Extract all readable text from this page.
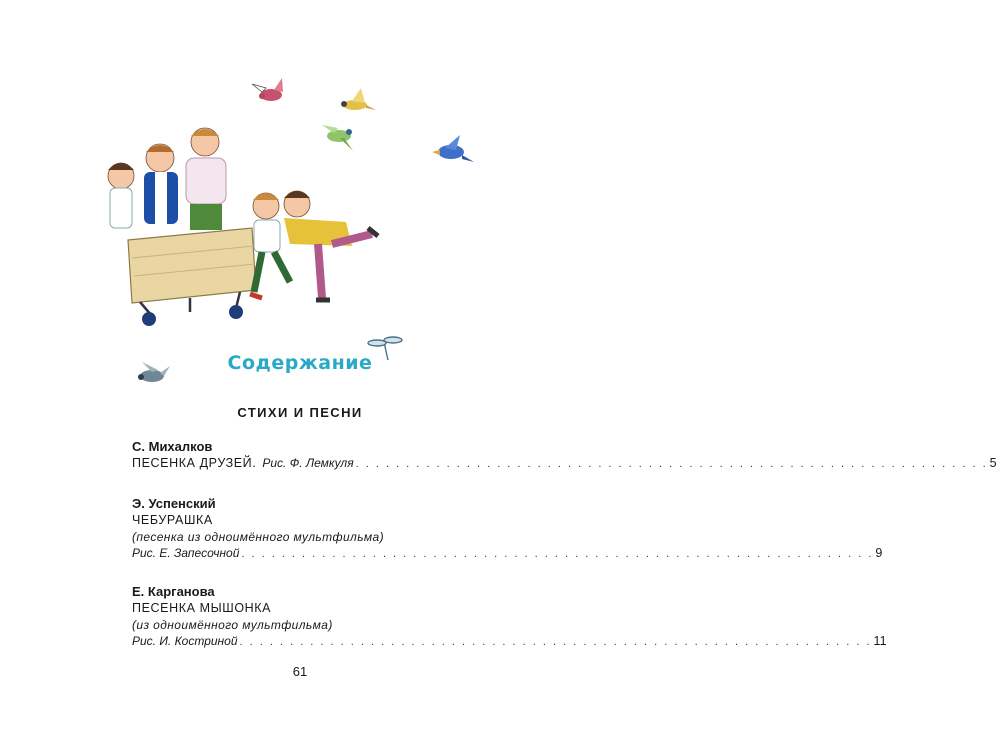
Содержание
СТИХИ И ПЕСНИ

С. Михалков

ПЕСЕНКА ДРУЗЕЙ. Рис. Ф. Лемкуля . . . . . . . . . . . . . . . . . . . . . . . . . . . . . . . . . . . . . . . . . . . . . . . . . . . . . . . . . . . . . . . 5

Э. Успенский

ЧЕБУРАШКА

(песенка из одноимённого мультфильма)

Рис. Е. Запесочной . . . . . . . . . . . . . . . . . . . . . . . . . . . . . . . . . . . . . . . . . . . . . . . . . . . . . . . . . . . . . . . 9

Е. Карганова

ПЕСЕНКА МЫШОНКА

(из одноимённого мультфильма)

Рис. И. Костриной . . . . . . . . . . . . . . . . . . . . . . . . . . . . . . . . . . . . . . . . . . . . . . . . . . . . . . . . . . . . . . . 11
61
